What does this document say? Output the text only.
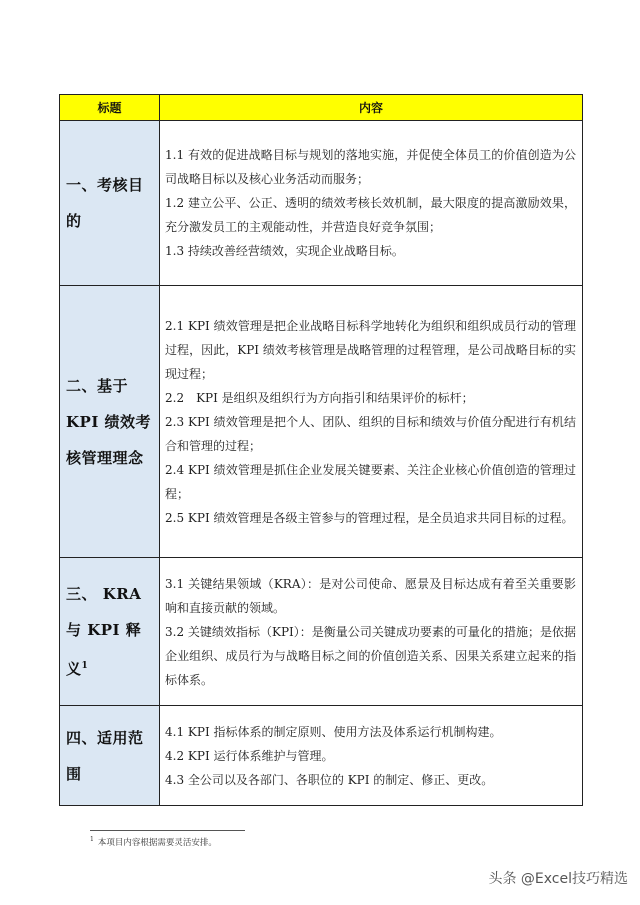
标题	内容
一、考核目的	1.1 有效的促进战略目标与规划的落地实施，并促使全体员工的价值创造为公司战略目标以及核心业务活动而服务；

1.2 建立公平、公正、透明的绩效考核长效机制，最大限度的提高激励效果，充分激发员工的主观能动性，并营造良好竞争氛围；

1.3 持续改善经营绩效，实现企业战略目标。

二、基于 KPI 绩效考核管理理念	2.1 KPI 绩效管理是把企业战略目标科学地转化为组织和组织成员行动的管理过程，因此，KPI 绩效考核管理是战略管理的过程管理，是公司战略目标的实现过程；

2.2　KPI 是组织及组织行为方向指引和结果评价的标杆；

2.3 KPI 绩效管理是把个人、团队、组织的目标和绩效与价值分配进行有机结合和管理的过程；

2.4 KPI 绩效管理是抓住企业发展关键要素、关注企业核心价值创造的管理过程；

2.5 KPI 绩效管理是各级主管参与的管理过程，是全员追求共同目标的过程。

三、 KRA 与 KPI 释义$^1$	3.1 关键结果领域（KRA）：是对公司使命、愿景及目标达成有着至关重要影响和直接贡献的领域。

3.2 关键绩效指标（KPI）：是衡量公司关键成功要素的可量化的措施；是依据企业组织、成员行为与战略目标之间的价值创造关系、因果关系建立起来的指标体系。

四、适用范围	4.1 KPI 指标体系的制定原则、使用方法及体系运行机制构建。

4.2 KPI 运行体系维护与管理。

4.3 全公司以及各部门、各职位的 KPI 的制定、修正、更改。

$^1$ 本项目内容根据需要灵活安排。
头条 @Excel技巧精选
